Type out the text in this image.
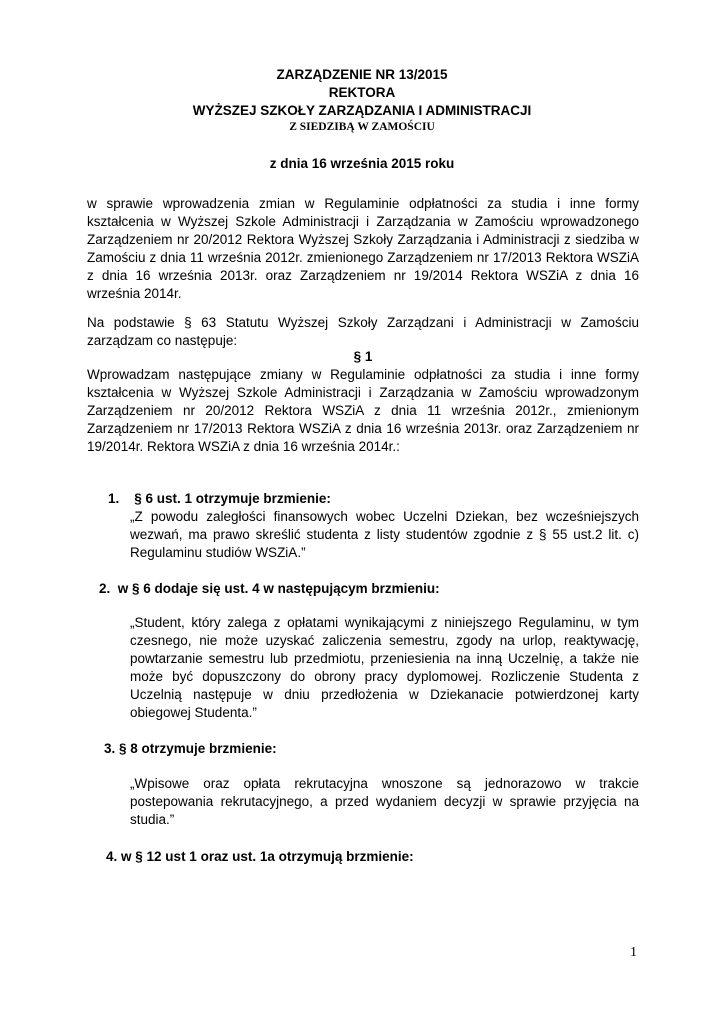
ZARZĄDZENIE NR 13/2015
REKTORA
WYŻSZEJ SZKOŁY ZARZĄDZANIA I ADMINISTRACJI
Z SIEDZIBĄ W ZAMOŚCIU
z dnia 16 września 2015 roku
w sprawie wprowadzenia zmian w Regulaminie odpłatności za studia i inne formy kształcenia w Wyższej Szkole Administracji i Zarządzania w Zamościu wprowadzonego Zarządzeniem nr 20/2012 Rektora Wyższej Szkoły Zarządzania i Administracji z siedziba w Zamościu z dnia 11 września 2012r. zmienionego Zarządzeniem nr 17/2013 Rektora WSZiA z dnia 16 września 2013r. oraz Zarządzeniem nr 19/2014 Rektora WSZiA z dnia 16 września 2014r.
Na podstawie § 63 Statutu Wyższej Szkoły Zarządzani i Administracji w Zamościu zarządzam co następuje:
§ 1
Wprowadzam następujące zmiany w Regulaminie odpłatności za studia i inne formy kształcenia w Wyższej Szkole Administracji i Zarządzania w Zamościu wprowadzonym Zarządzeniem nr 20/2012 Rektora WSZiA z dnia 11 września 2012r., zmienionym Zarządzeniem nr 17/2013 Rektora WSZiA z dnia 16 września 2013r. oraz Zarządzeniem nr 19/2014r. Rektora WSZiA z dnia 16 września 2014r.:
1. § 6 ust. 1 otrzymuje brzmienie:
„Z powodu zaległości finansowych wobec Uczelni Dziekan, bez wcześniejszych wezwań, ma prawo skreślić studenta z listy studentów zgodnie z § 55 ust.2 lit. c) Regulaminu studiów WSZiA.”
2. w § 6 dodaje się ust. 4 w następującym brzmieniu:
„Student, który zalega z opłatami wynikającymi z niniejszego Regulaminu, w tym czesnego, nie może uzyskać zaliczenia semestru, zgody na urlop, reaktywację, powtarzanie semestru lub przedmiotu, przeniesienia na inną Uczelnię, a także nie może być dopuszczony do obrony pracy dyplomowej. Rozliczenie Studenta z Uczelnią następuje w dniu przedłożenia w Dziekanacie potwierdzonej karty obiegowej Studenta.”
3. § 8 otrzymuje brzmienie:
„Wpisowe oraz opłata rekrutacyjna wnoszone są jednorazowo w trakcie postepowania rekrutacyjnego, a przed wydaniem decyzji w sprawie przyjęcia na studia.”
4. w § 12 ust 1 oraz ust. 1a otrzymują brzmienie:
1
